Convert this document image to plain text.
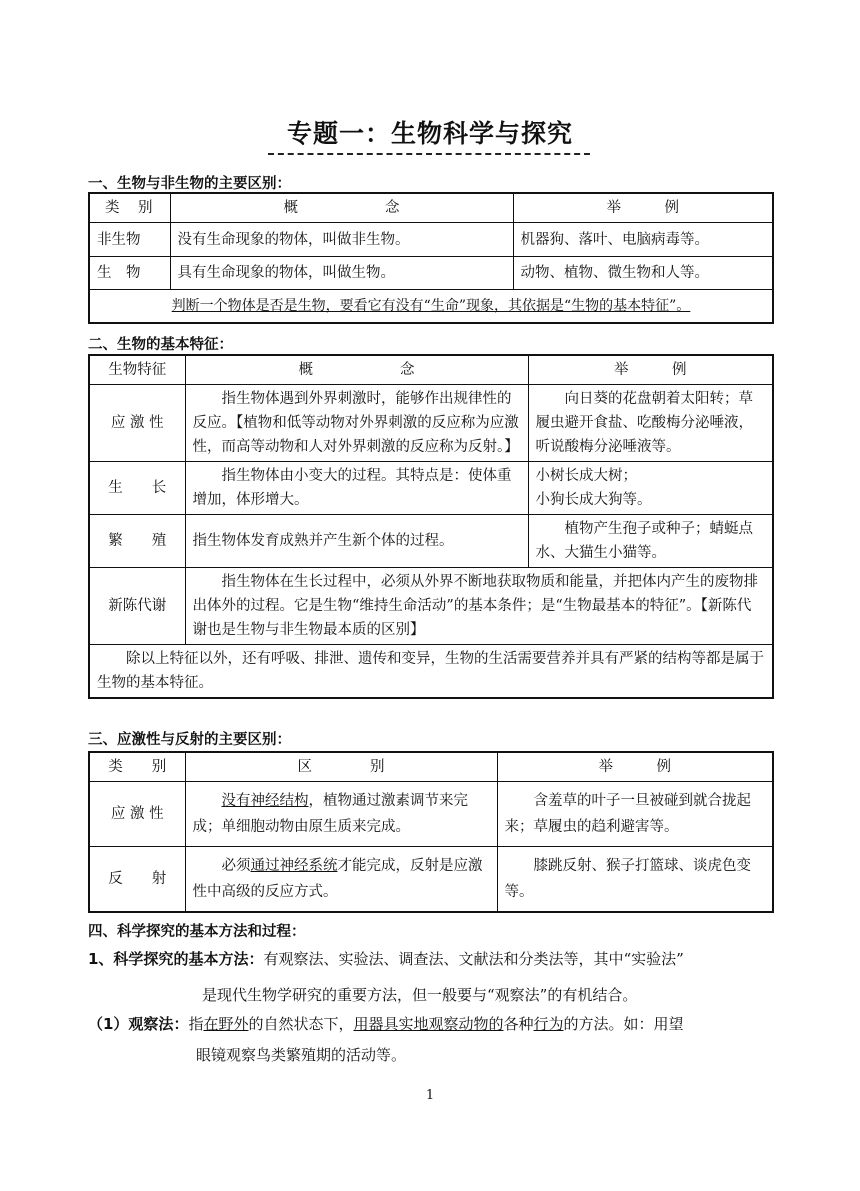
专题一：生物科学与探究
一、生物与非生物的主要区别：
类　别	概　　　　　　念	举　　　例
非生物	没有生命现象的物体，叫做非生物。	机器狗、落叶、电脑病毒等。
生　物	具有生命现象的物体，叫做生物。	动物、植物、微生物和人等。
判断一个物体是否是生物，要看它有没有“生命”现象，其依据是“生物的基本特征”。		
二、生物的基本特征：
生物特征	概　　　　　　念	举　　　例
应 激 性	指生物体遇到外界刺激时，能够作出规律性的反应。【植物和低等动物对外界刺激的反应称为应激性，而高等动物和人对外界刺激的反应称为反射。】	向日葵的花盘朝着太阳转；草履虫避开食盐、吃酸梅分泌唾液，听说酸梅分泌唾液等。
生　　长	指生物体由小变大的过程。其特点是：使体重增加，体形增大。	小树长成大树；
小狗长成大狗等。

繁　　殖	指生物体发育成熟并产生新个体的过程。	植物产生孢子或种子；蜻蜓点水、大猫生小猫等。
新陈代谢	指生物体在生长过程中，必须从外界不断地获取物质和能量，并把体内产生的废物排出体外的过程。它是生物“维持生命活动”的基本条件；是“生物最基本的特征”。【新陈代谢也是生物与非生物最本质的区别】	
除以上特征以外，还有呼吸、排泄、遗传和变异，生物的生活需要营养并具有严紧的结构等都是属于生物的基本特征。		
三、应激性与反射的主要区别：
类　　别	区　　　　别	举　　　例
应 激 性	没有神经结构，植物通过激素调节来完成；单细胞动物由原生质来完成。	含羞草的叶子一旦被碰到就合拢起来；草履虫的趋利避害等。
反　　射	必须通过神经系统才能完成，反射是应激性中高级的反应方式。	膝跳反射、猴子打篮球、谈虎色变等。
四、科学探究的基本方法和过程：
1、科学探究的基本方法：有观察法、实验法、调查法、文献法和分类法等，其中“实验法”
是现代生物学研究的重要方法，但一般要与“观察法”的有机结合。
（1）观察法：指在野外的自然状态下，用器具实地观察动物的各种行为的方法。如：用望
眼镜观察鸟类繁殖期的活动等。
1
